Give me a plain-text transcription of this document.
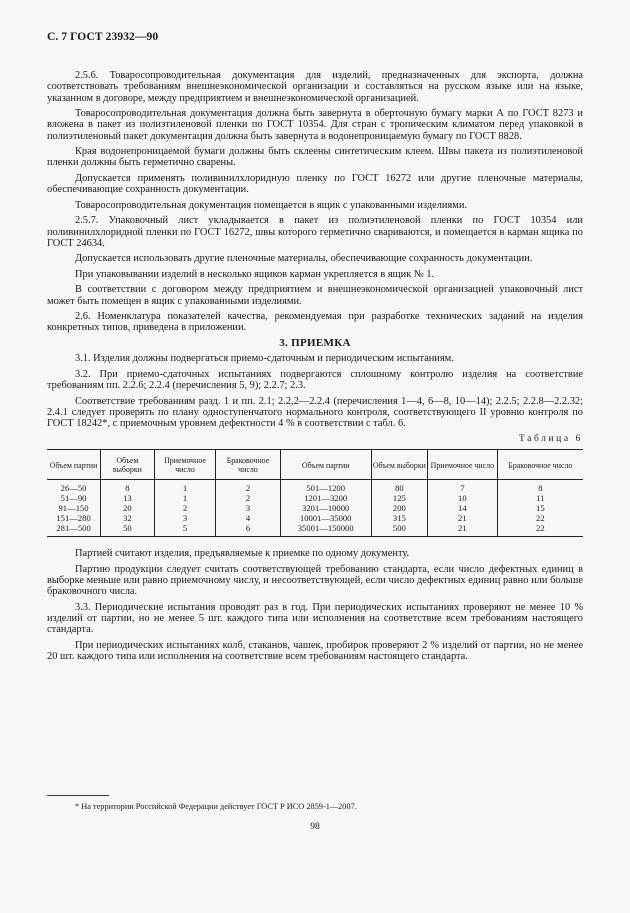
С. 7 ГОСТ 23932—90

2.5.6. Товаросопроводительная документация для изделий, предназначенных для экспорта, должна соответствовать требованиям внешнеэкономической организации и составляться на русском языке или на языке, указанном в договоре, между предприятием и внешнеэкономической организацией.

Товаросопроводительная документация должна быть завернута в оберточную бумагу марки А по ГОСТ 8273 и вложена в пакет из полиэтиленовой пленки по ГОСТ 10354. Для стран с тропическим климатом перед упаковкой в полиэтиленовый пакет документация должна быть завернута в водонепроницаемую бумагу по ГОСТ 8828.

Края водонепроницаемой бумаги должны быть склеены синтетическим клеем. Швы пакета из полиэтиленовой пленки должны быть герметично сварены.

Допускается применять поливинилхлоридную пленку по ГОСТ 16272 или другие пленочные материалы, обеспечивающие сохранность документации.

Товаросопроводительная документация помещается в ящик с упакованными изделиями.

2.5.7. Упаковочный лист укладывается в пакет из полиэтиленовой пленки по ГОСТ 10354 или поливинилхлоридной пленки по ГОСТ 16272, швы которого герметично свариваются, и помещается в карман ящика по ГОСТ 24634.

Допускается использовать другие пленочные материалы, обеспечивающие сохранность документации.

При упаковывании изделий в несколько ящиков карман укрепляется в ящик № 1.

В соответствии с договором между предприятием и внешнеэкономической организацией упаковочный лист может быть помещен в ящик с упакованными изделиями.

2.6. Номенклатура показателей качества, рекомендуемая при разработке технических заданий на изделия конкретных типов, приведена в приложении.

3. ПРИЕМКА

3.1. Изделия должны подвергаться приемо-сдаточным и периодическим испытаниям.

3.2. При приемо-сдаточных испытаниях подвергаются сплошному контролю изделия на соответствие требованиям пп. 2.2.6; 2.2.4 (перечисления 5, 9); 2.2.7; 2.3.

Соответствие требованиям разд. 1 и пп. 2.1; 2.2,2—2.2.4 (перечисления 1—4, 6—8, 10—14); 2.2.5; 2.2.8—2.2.32; 2.4.1 следует проверять по плану одноступенчатого нормального контроля, соответствующего II уровню контроля по ГОСТ 18242*, с приемочным уровнем дефектности 4 % в соответствии с табл. 6.

Таблица 6

Объем партии	Объем выборки	Приемочное число	Браковочное число	Объем партии	Объем выборки	Приемочное число	Браковочное число
26—50	8	1	2	501—1200	80	7	8
51—90	13	1	2	1201—3200	125	10	11
91—150	20	2	3	3201—10000	200	14	15
151—280	32	3	4	10001—35000	315	21	22
281—500	50	5	6	35001—150000	500	21	22

Партией считают изделия, предъявляемые к приемке по одному документу.

Партию продукции следует считать соответствующей требованию стандарта, если число дефектных единиц в выборке меньше или равно приемочному числу, и несоответствующей, если число дефектных единиц равно или больше браковочного числа.

3.3. Периодические испытания проводят раз в год. При периодических испытаниях проверяют не менее 10 % изделий от партии, но не менее 5 шт. каждого типа или исполнения на соответствие всем требованиям настоящего стандарта.

При периодических испытаниях колб, стаканов, чашек, пробирок проверяют 2 % изделий от партии, но не менее 20 шт. каждого типа или исполнения на соответствие всем требованиям настоящего стандарта.

* На территории Российской Федерации действует ГОСТ Р ИСО 2859-1—2007.
98
